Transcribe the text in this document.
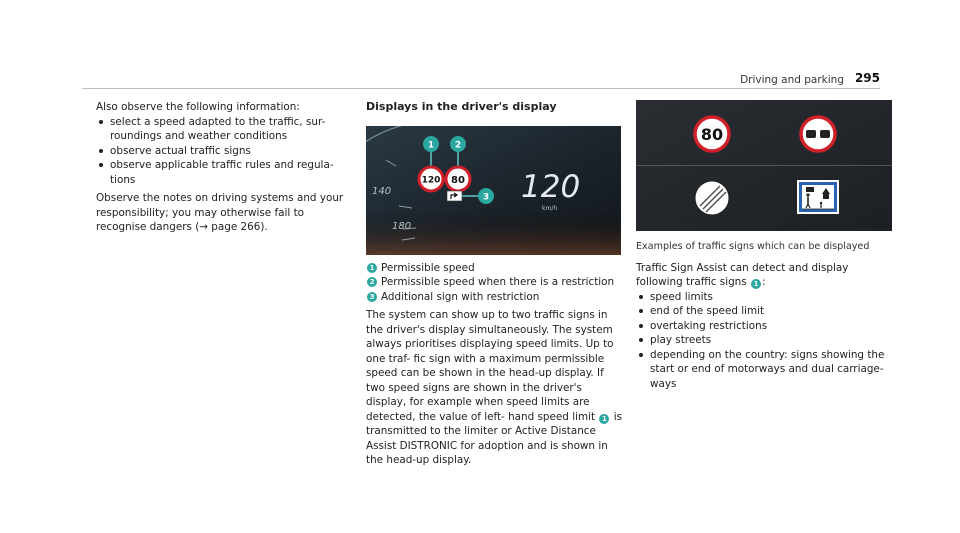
Driving and parking 295

Also observe the following information:

select a speed adapted to the traffic, sur- roundings and weather conditions
observe actual traffic signs
observe applicable traffic rules and regula- tions

Observe the notes on driving systems and your responsibility; you may otherwise fail to recognise dangers (→ page 266).

Displays in the driver's display
140
180
1 2
3
120 80 120
km/h
1 Permissible speed
2 Permissible speed when there is a restriction
3 Additional sign with restriction

The system can show up to two traffic signs in the driver's display simultaneously. The system always prioritises displaying speed limits. Up to one traf- fic sign with a maximum permissible speed can be shown in the head-up display. If two speed signs are shown in the driver's display, for example when speed limits are detected, the value of left- hand speed limit 1 is transmitted to the limiter or Active Distance Assist DISTRONIC for adoption and is shown in the head-up display.

80
Examples of traffic signs which can be displayed

Traffic Sign Assist can detect and display following traffic signs 1 :

speed limits
end of the speed limit
overtaking restrictions
play streets
depending on the country: signs showing the start or end of motorways and dual carriage- ways
